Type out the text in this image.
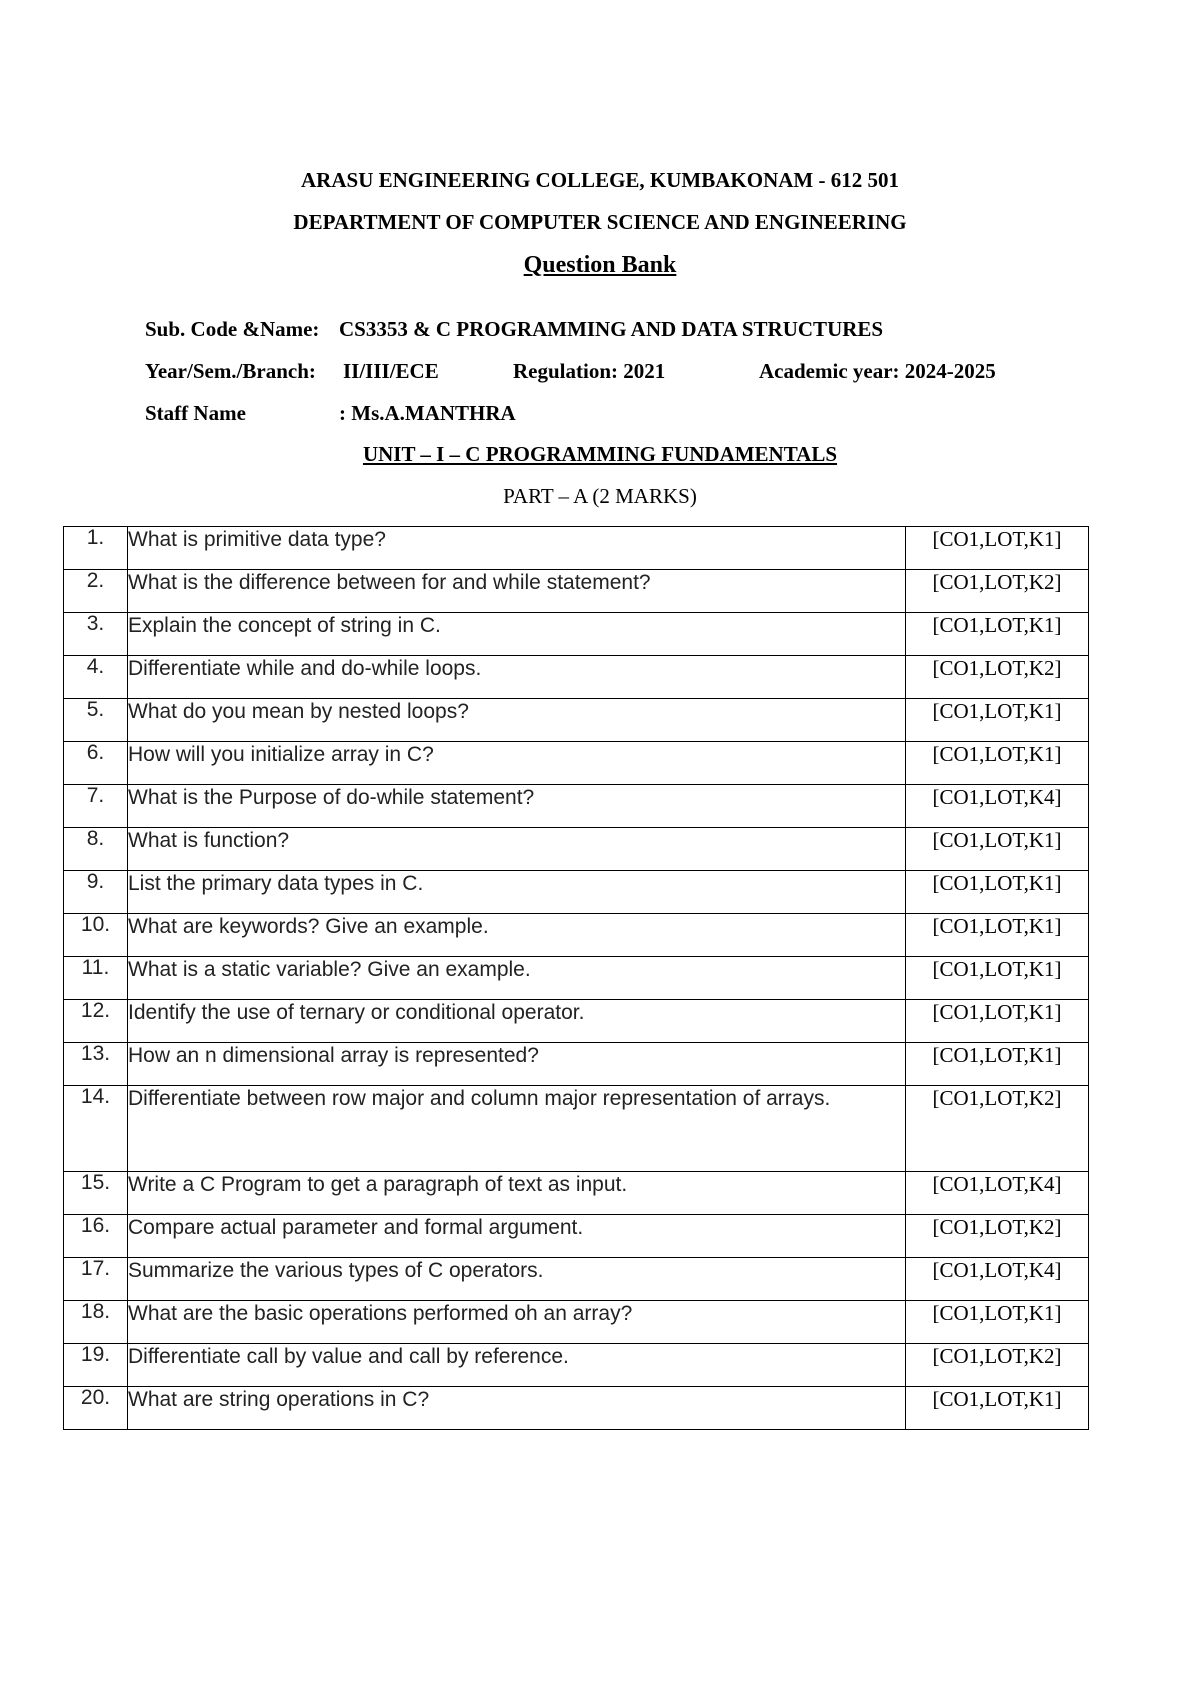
ARASU ENGINEERING COLLEGE, KUMBAKONAM - 612 501
DEPARTMENT OF COMPUTER SCIENCE AND ENGINEERING
Question Bank
Sub. Code &Name: CS3353 & C PROGRAMMING AND DATA STRUCTURES
Year/Sem./Branch: II/III/ECE	Regulation: 2021	Academic year: 2024-2025
Staff Name	: Ms.A.MANTHRA
UNIT – I – C PROGRAMMING FUNDAMENTALS
PART – A (2 MARKS)
1.	What is primitive data type?	[CO1,LOT,K1]
2.	What is the difference between for and while statement?	[CO1,LOT,K2]
3.	Explain the concept of string in C.	[CO1,LOT,K1]
4.	Differentiate while and do-while loops.	[CO1,LOT,K2]
5.	What do you mean by nested loops?	[CO1,LOT,K1]
6.	How will you initialize array in C?	[CO1,LOT,K1]
7.	What is the Purpose of do-while statement?	[CO1,LOT,K4]
8.	What is function?	[CO1,LOT,K1]
9.	List the primary data types in C.	[CO1,LOT,K1]
10.	What are keywords? Give an example.	[CO1,LOT,K1]
11.	What is a static variable? Give an example.	[CO1,LOT,K1]
12.	Identify the use of ternary or conditional operator.	[CO1,LOT,K1]
13.	How an n dimensional array is represented?	[CO1,LOT,K1]
14.	Differentiate between row major and column major representation of arrays.	[CO1,LOT,K2]
15.	Write a C Program to get a paragraph of text as input.	[CO1,LOT,K4]
16.	Compare actual parameter and formal argument.	[CO1,LOT,K2]
17.	Summarize the various types of C operators.	[CO1,LOT,K4]
18.	What are the basic operations performed oh an array?	[CO1,LOT,K1]
19.	Differentiate call by value and call by reference.	[CO1,LOT,K2]
20.	What are string operations in C?	[CO1,LOT,K1]
